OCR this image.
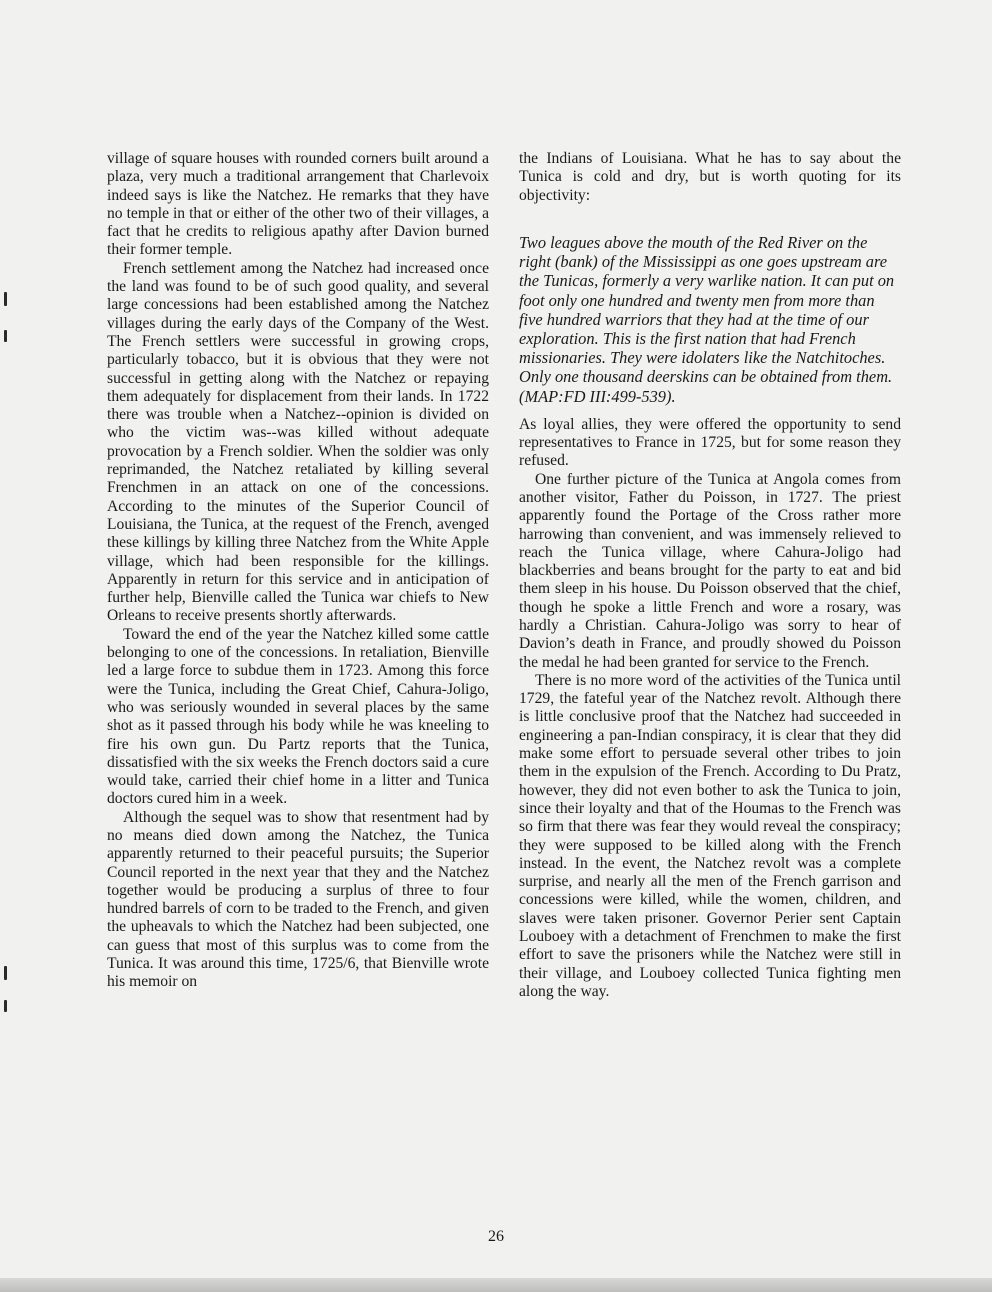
village of square houses with rounded corners built around a plaza, very much a traditional arrangement that Charlevoix indeed says is like the Natchez. He remarks that they have no temple in that or either of the other two of their villages, a fact that he credits to religious apathy after Davion burned their former temple.

French settlement among the Natchez had increased once the land was found to be of such good quality, and several large concessions had been established among the Natchez villages during the early days of the Company of the West. The French settlers were successful in growing crops, particularly tobacco, but it is obvious that they were not successful in getting along with the Natchez or repaying them adequately for displacement from their lands. In 1722 there was trouble when a Natchez--opinion is divided on who the victim was--was killed without adequate provocation by a French soldier. When the soldier was only reprimanded, the Natchez retaliated by killing several Frenchmen in an attack on one of the concessions. According to the minutes of the Superior Council of Louisiana, the Tunica, at the request of the French, avenged these killings by killing three Natchez from the White Apple village, which had been responsible for the killings. Apparently in return for this service and in anticipation of further help, Bienville called the Tunica war chiefs to New Orleans to receive presents shortly afterwards.

Toward the end of the year the Natchez killed some cattle belonging to one of the concessions. In retaliation, Bienville led a large force to subdue them in 1723. Among this force were the Tunica, including the Great Chief, Cahura-Joligo, who was seriously wounded in several places by the same shot as it passed through his body while he was kneeling to fire his own gun. Du Partz reports that the Tunica, dissatisfied with the six weeks the French doctors said a cure would take, carried their chief home in a litter and Tunica doctors cured him in a week.

Although the sequel was to show that resentment had by no means died down among the Natchez, the Tunica apparently returned to their peaceful pursuits; the Superior Council reported in the next year that they and the Natchez together would be producing a surplus of three to four hundred barrels of corn to be traded to the French, and given the upheavals to which the Natchez had been subjected, one can guess that most of this surplus was to come from the Tunica. It was around this time, 1725/6, that Bienville wrote his memoir on

the Indians of Louisiana. What he has to say about the Tunica is cold and dry, but is worth quoting for its objectivity:

Two leagues above the mouth of the Red River on the right (bank) of the Mississippi as one goes upstream are the Tunicas, formerly a very warlike nation. It can put on foot only one hundred and twenty men from more than five hundred warriors that they had at the time of our exploration. This is the first nation that had French missionaries. They were idolaters like the Natchitoches. Only one thousand deerskins can be obtained from them. (MAP:FD III:499-539).

As loyal allies, they were offered the opportunity to send representatives to France in 1725, but for some reason they refused.

One further picture of the Tunica at Angola comes from another visitor, Father du Poisson, in 1727. The priest apparently found the Portage of the Cross rather more harrowing than convenient, and was immensely relieved to reach the Tunica village, where Cahura-Joligo had blackberries and beans brought for the party to eat and bid them sleep in his house. Du Poisson observed that the chief, though he spoke a little French and wore a rosary, was hardly a Christian. Cahura-Joligo was sorry to hear of Davion’s death in France, and proudly showed du Poisson the medal he had been granted for service to the French.

There is no more word of the activities of the Tunica until 1729, the fateful year of the Natchez revolt. Although there is little conclusive proof that the Natchez had succeeded in engineering a pan-Indian conspiracy, it is clear that they did make some effort to persuade several other tribes to join them in the expulsion of the French. According to Du Pratz, however, they did not even bother to ask the Tunica to join, since their loyalty and that of the Houmas to the French was so firm that there was fear they would reveal the conspiracy; they were supposed to be killed along with the French instead. In the event, the Natchez revolt was a complete surprise, and nearly all the men of the French garrison and concessions were killed, while the women, children, and slaves were taken prisoner. Governor Perier sent Captain Louboey with a detachment of Frenchmen to make the first effort to save the prisoners while the Natchez were still in their village, and Louboey collected Tunica fighting men along the way.

26
